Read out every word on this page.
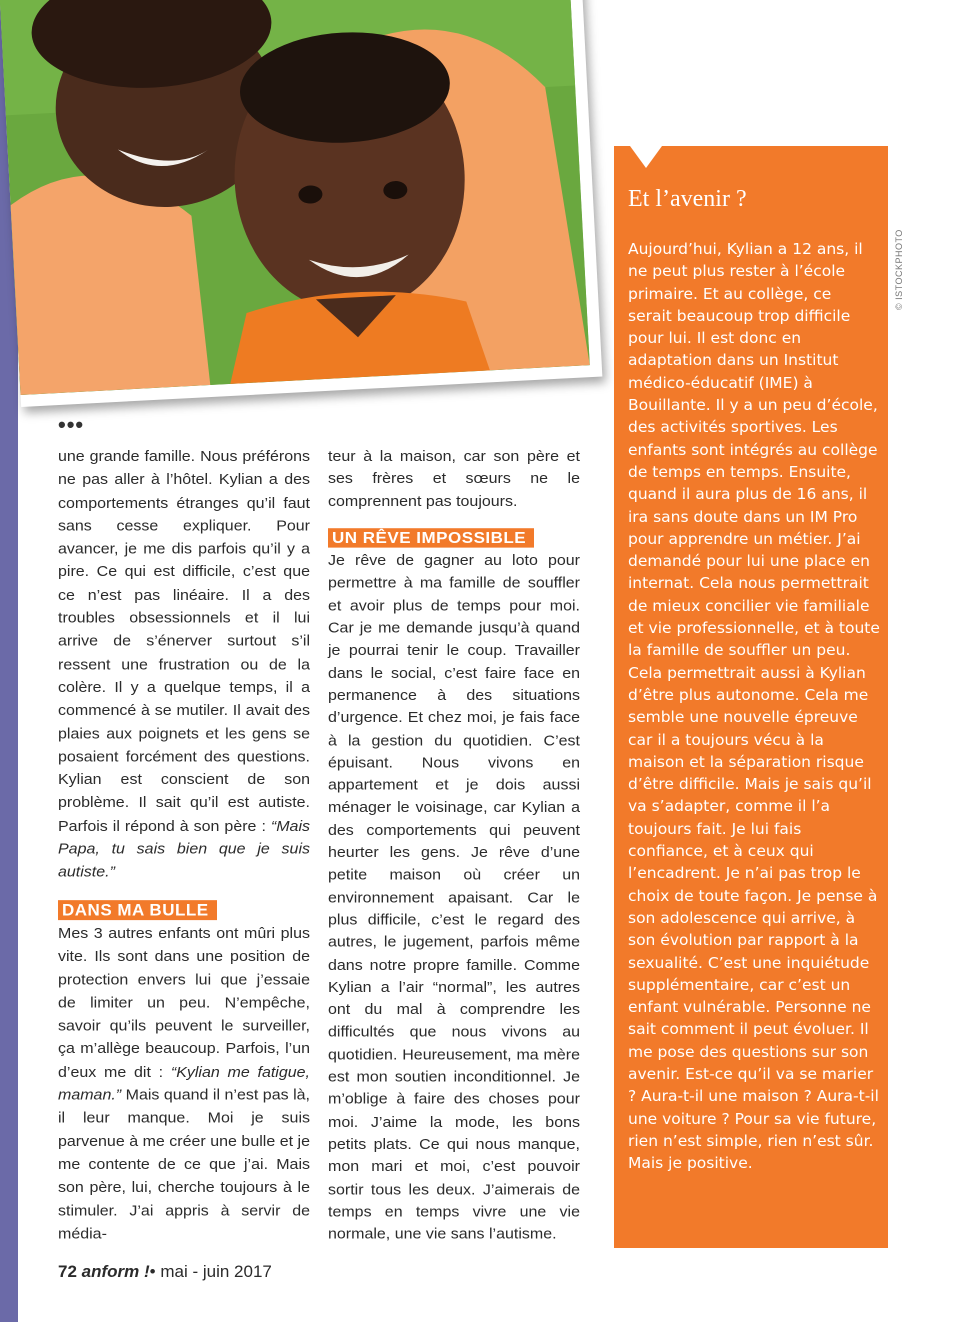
•••

une grande famille. Nous préférons ne pas aller à l’hôtel. Kylian a des comportements étranges qu’il faut sans cesse expliquer. Pour avancer, je me dis parfois qu’il y a pire. Ce qui est difficile, c’est que ce n’est pas linéaire. Il a des troubles obsessionnels et il lui arrive de s’énerver surtout s’il ressent une frustration ou de la colère. Il y a quelque temps, il a commencé à se mutiler. Il avait des plaies aux poignets et les gens se posaient forcément des questions. Kylian est conscient de son problème. Il sait qu’il est autiste. Parfois il répond à son père : “Mais Papa, tu sais bien que je suis autiste.”

DANS MA BULLE

Mes 3 autres enfants ont mûri plus vite. Ils sont dans une position de protection envers lui que j’essaie de limiter un peu. N’empêche, savoir qu’ils peuvent le surveiller, ça m’allège beaucoup. Parfois, l’un d’eux me dit : “Kylian me fatigue, maman.” Mais quand il n’est pas là, il leur manque. Moi je suis parvenue à me créer une bulle et je me contente de ce que j’ai. Mais son père, lui, cherche toujours à le stimuler. J’ai appris à servir de média-

teur à la maison, car son père et ses frères et sœurs ne le comprennent pas toujours.

UN RÊVE IMPOSSIBLE

Je rêve de gagner au loto pour permettre à ma famille de souffler et avoir plus de temps pour moi. Car je me demande jusqu’à quand je pourrai tenir le coup. Travailler dans le social, c’est faire face en permanence à des situations d’urgence. Et chez moi, je fais face à la gestion du quotidien. C’est épuisant. Nous vivons en appartement et je dois aussi ménager le voisinage, car Kylian a des comportements qui peuvent heurter les gens. Je rêve d’une petite maison où créer un environnement apaisant. Car le plus difficile, c’est le regard des autres, le jugement, parfois même dans notre propre famille. Comme Kylian a l’air “normal”, les autres ont du mal à comprendre les difficultés que nous vivons au quotidien. Heureusement, ma mère est mon soutien inconditionnel. Je m’oblige à faire des choses pour moi. J’aime la mode, les bons petits plats. Ce qui nous manque, mon mari et moi, c’est pouvoir sortir tous les deux. J’aimerais de temps en temps vivre une vie normale, une vie sans l’autisme.

Et l’avenir ?

Aujourd’hui, Kylian a 12 ans, il ne peut plus rester à l’école primaire. Et au collège, ce serait beaucoup trop difficile pour lui. Il est donc en adaptation dans un Institut médico-éducatif (IME) à Bouillante. Il y a un peu d’école, des activités sportives. Les enfants sont intégrés au collège de temps en temps. Ensuite, quand il aura plus de 16 ans, il ira sans doute dans un IM Pro pour apprendre un métier. J’ai demandé pour lui une place en internat. Cela nous permettrait de mieux concilier vie familiale et vie professionnelle, et à toute la famille de souffler un peu. Cela permettrait aussi à Kylian d’être plus autonome. Cela me semble une nouvelle épreuve car il a toujours vécu à la maison et la séparation risque d’être difficile. Mais je sais qu’il va s’adapter, comme il l’a toujours fait. Je lui fais confiance, et à ceux qui l’encadrent. Je n’ai pas trop le choix de toute façon. Je pense à son adolescence qui arrive, à son évolution par rapport à la sexualité. C’est une inquiétude supplémentaire, car c’est un enfant vulnérable. Personne ne sait comment il peut évoluer. Il me pose des questions sur son avenir. Est-ce qu’il va se marier ? Aura-t-il une maison ? Aura-t-il une voiture ? Pour sa vie future, rien n’est simple, rien n’est sûr. Mais je positive.

© ISTOCKPHOTO
72 anform !• mai - juin 2017
